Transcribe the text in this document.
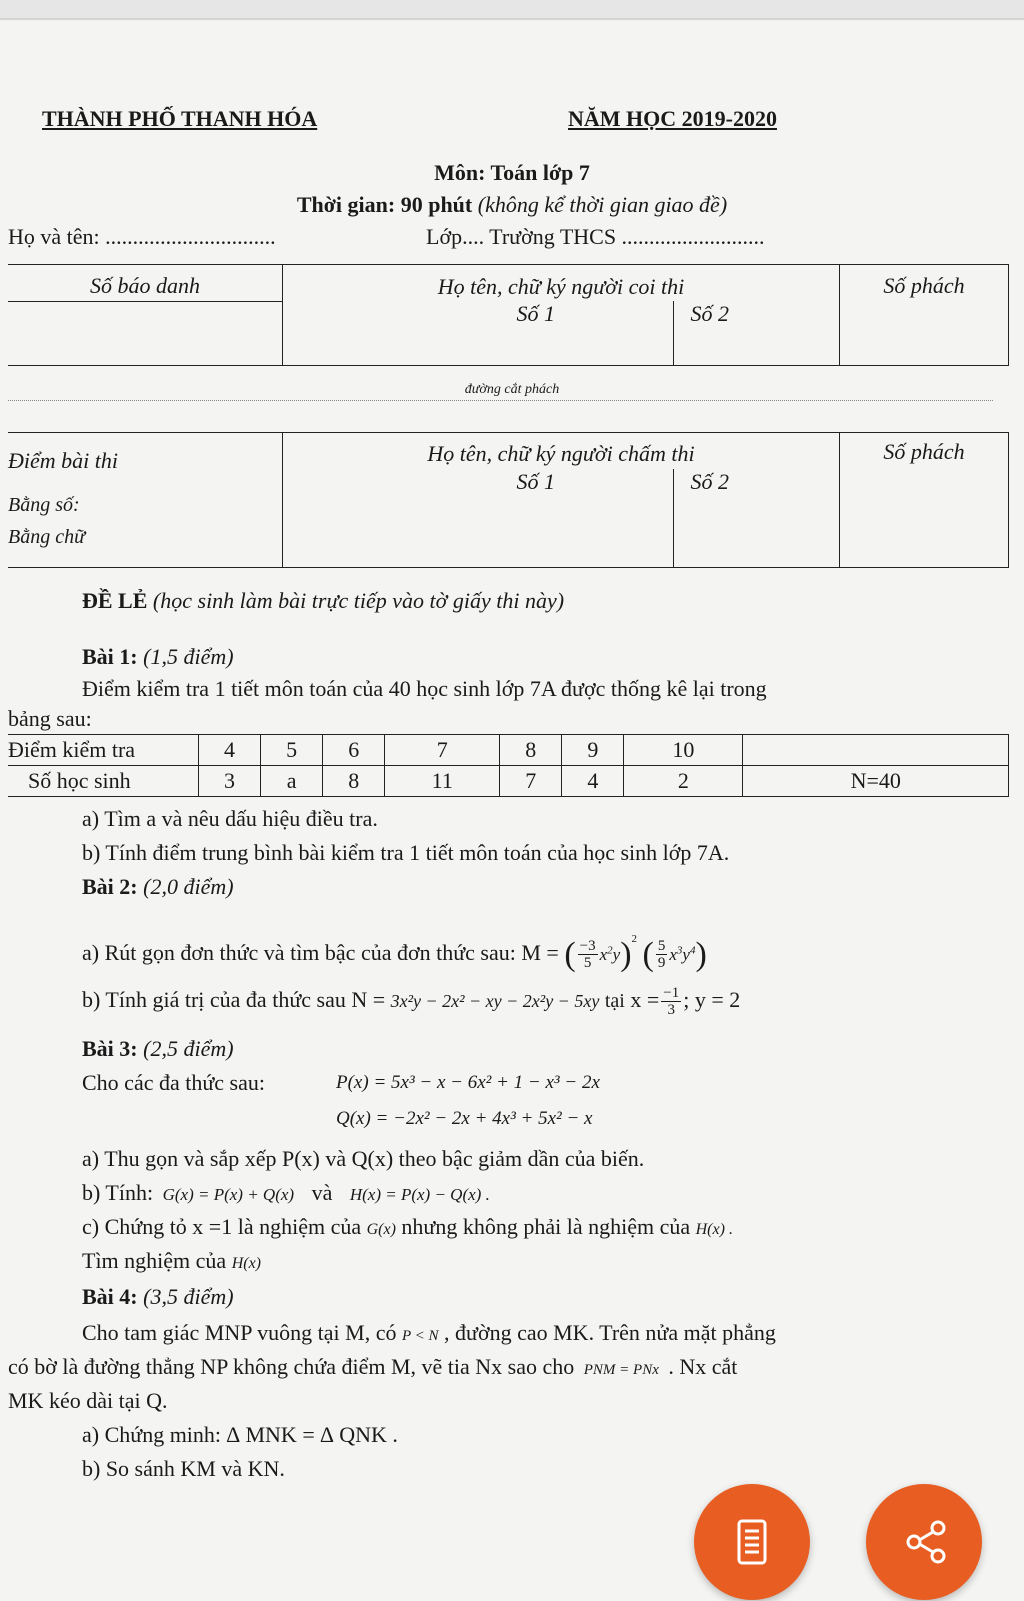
THÀNH PHỐ THANH HÓA	NĂM HỌC 2019-2020
Môn: Toán lớp 7
Thời gian: 90 phút (không kể thời gian giao đề)
Họ và tên: ...............................	Lớp.... Trường THCS ..........................
Số báo danh	Họ tên, chữ ký người coi thi		Số phách
	Số 1	Số 2	
đường cắt phách
Điểm bài thi
Bằng số:
Bằng chữ	Họ tên, chữ ký người chấm thi		Số phách
	Số 1	Số 2	
ĐỀ LẺ (học sinh làm bài trực tiếp vào tờ giấy thi này)
Bài 1: (1,5 điểm)
Điểm kiểm tra 1 tiết môn toán của 40 học sinh lớp 7A được thống kê lại trong
bảng sau:
Điểm kiểm tra	4	5	6	7	8	9	10	
Số học sinh	3	a	8	11	7	4	2	N=40
a) Tìm a và nêu dấu hiệu điều tra.
b) Tính điểm trung bình bài kiểm tra 1 tiết môn toán của học sinh lớp 7A.
Bài 2: (2,0 điểm)
a) Rút gọn đơn thức và tìm bậc của đơn thức sau: M = ( $\frac{-3}{5} x^2y)^2$ ( $\frac{5}{9} x^3y^4$)
b) Tính giá trị của đa thức sau N = 3x²y − 2x² − xy − 2x²y − 5xy tại $x = \frac{-1}{3}$ ; y = 2
Bài 3: (2,5 điểm)
Cho các đa thức sau:	P(x) = 5x³ − x − 6x² + 1 − x³ − 2x
Q(x) = −2x² − 2x + 4x³ + 5x² − x
a) Thu gọn và sắp xếp P(x) và Q(x) theo bậc giảm dần của biến.
b) Tính: G(x) = P(x) + Q(x) và H(x) = P(x) − Q(x) .
c) Chứng tỏ x =1 là nghiệm của G(x) nhưng không phải là nghiệm của H(x) .
Tìm nghiệm của H(x)
Bài 4: (3,5 điểm)
Cho tam giác MNP vuông tại M, có P < N , đường cao MK. Trên nửa mặt phẳng
có bờ là đường thẳng NP không chứa điểm M, vẽ tia Nx sao cho PNM = PNx . Nx cắt
MK kéo dài tại Q.
a) Chứng minh: ∆ MNK = ∆ QNK .
b) So sánh KM và KN.
